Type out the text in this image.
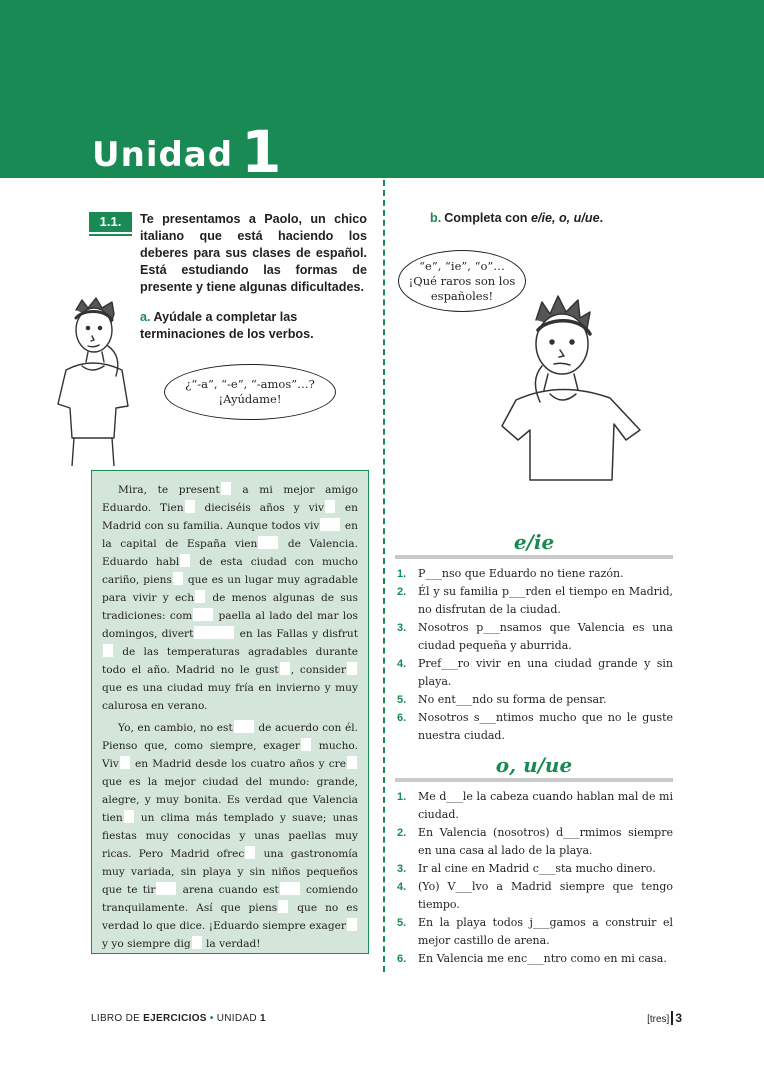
Unidad 1
1.1.	Te presentamos a Paolo, un chico italiano que está haciendo los deberes para sus clases de español. Está estudiando las formas de presente y tiene algunas dificultades.

a. Ayúdale a completar las terminaciones de los verbos.

b. Completa con e/ie, o, u/ue.

¿“-a”, “-e”, “-amos”…?
¡Ayúdame!
“e”, “ie”, “o”…
¡Qué raros son los
españoles!

Mira, te present a mi mejor amigo Eduardo. Tien dieciséis años y viv en Madrid con su familia. Aunque todos viv en la capital de España vien de Valencia. Eduardo habl de esta ciudad con mucho cariño, piens que es un lugar muy agradable para vivir y ech de menos algunas de sus tradiciones: com paella al lado del mar los domingos, divert	en las Fallas y disfrut de las temperaturas agradables durante todo el año. Madrid no le gust , consider que es una ciudad muy fría en invierno y muy calurosa en verano.

Yo, en cambio, no est de acuerdo con él. Pienso que, como siempre, exager mucho. Viv en Madrid desde los cuatro años y cre que es la mejor ciudad del mundo: grande, alegre, y muy bonita. Es verdad que Valencia tien un clima más templado y suave; unas fiestas muy conocidas y unas paellas muy ricas. Pero Madrid ofrec una gastronomía muy variada, sin playa y sin niños pequeños que te tir arena cuando est comiendo tranquilamente. Así que piens que no es verdad lo que dice. ¡Eduardo siempre exager y yo siempre dig la verdad!

e/ie
1. P___nso que Eduardo no tiene razón.
2. Él y su familia p___rden el tiempo en Madrid, no disfrutan de la ciudad.
3. Nosotros p___nsamos que Valencia es una ciudad pequeña y aburrida.
4. Pref___ro vivir en una ciudad grande y sin playa.
5. No ent___ndo su forma de pensar.
6. Nosotros s___ntimos mucho que no le guste nuestra ciudad.
o, u/ue
1. Me d___le la cabeza cuando hablan mal de mi ciudad.
2. En Valencia (nosotros) d___rmimos siempre en una casa al lado de la playa.
3. Ir al cine en Madrid c___sta mucho dinero.
4. (Yo) V___lvo a Madrid siempre que tengo tiempo.
5. En la playa todos j___gamos a construir el mejor castillo de arena.
6. En Valencia me enc___ntro como en mi casa.
LIBRO DE EJERCICIOS • UNIDAD 1	[tres] 3
